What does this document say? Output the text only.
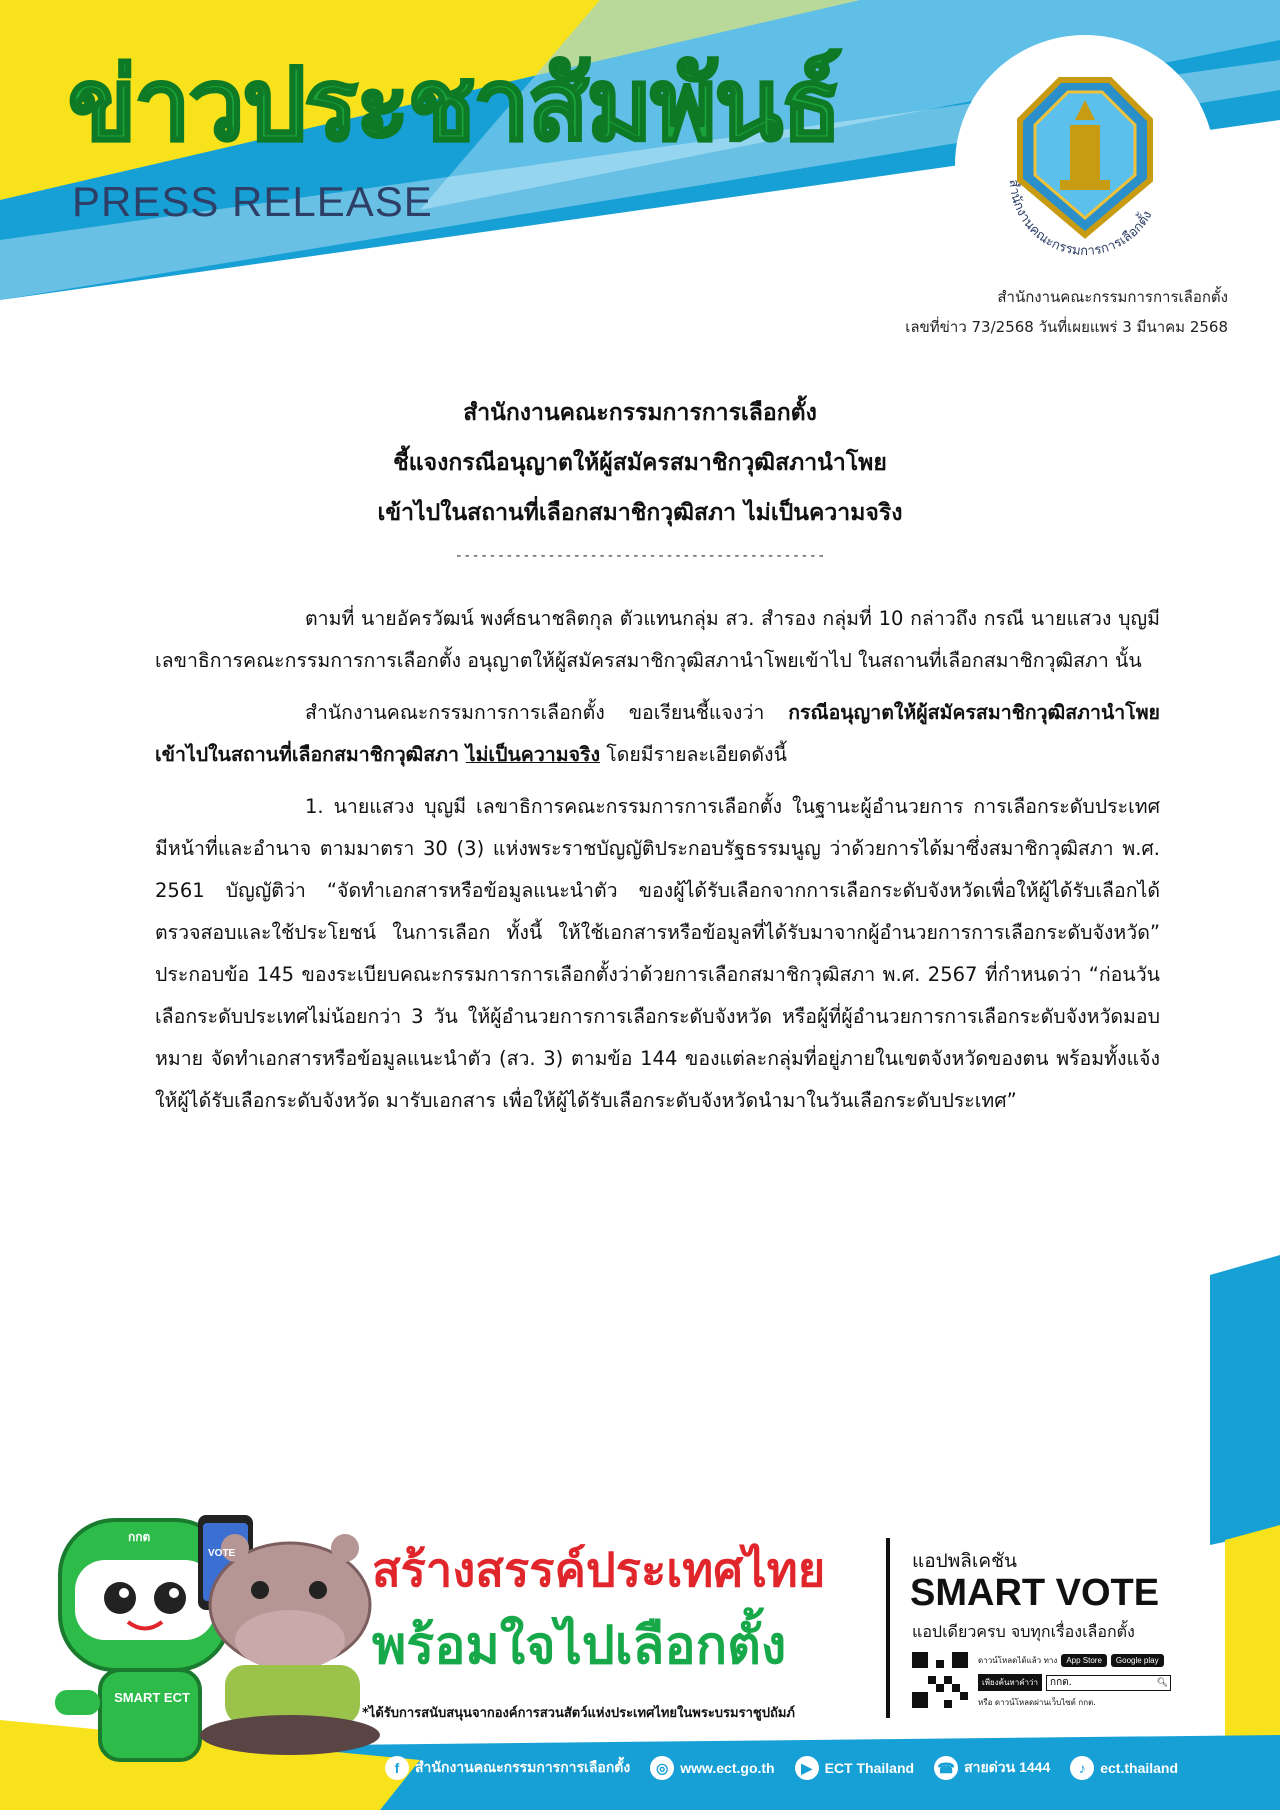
ข่าวประชาสัมพันธ์
PRESS RELEASE	สำนักงานคณะกรรมการการเลือกตั้ง
สำนักงานคณะกรรมการการเลือกตั้ง
เลขที่ข่าว 73/2568 วันที่เผยแพร่ 3 มีนาคม 2568
สำนักงานคณะกรรมการการเลือกตั้ง
ชี้แจงกรณีอนุญาตให้ผู้สมัครสมาชิกวุฒิสภานำโพย
เข้าไปในสถานที่เลือกสมาชิกวุฒิสภา ไม่เป็นความจริง
--------------------------------------------

ตามที่ นายอัครวัฒน์ พงศ์ธนาชลิตกุล ตัวแทนกลุ่ม สว. สำรอง กลุ่มที่ 10 กล่าวถึง กรณี นายแสวง บุญมี เลขาธิการคณะกรรมการการเลือกตั้ง อนุญาตให้ผู้สมัครสมาชิกวุฒิสภานำโพยเข้าไป ในสถานที่เลือกสมาชิกวุฒิสภา นั้น

สำนักงานคณะกรรมการการเลือกตั้ง ขอเรียนชี้แจงว่า กรณีอนุญาตให้ผู้สมัครสมาชิกวุฒิสภานำโพยเข้าไปในสถานที่เลือกสมาชิกวุฒิสภา ไม่เป็นความจริง โดยมีรายละเอียดดังนี้

1. นายแสวง บุญมี เลขาธิการคณะกรรมการการเลือกตั้ง ในฐานะผู้อำนวยการ การเลือกระดับประเทศมีหน้าที่และอำนาจ ตามมาตรา 30 (3) แห่งพระราชบัญญัติประกอบรัฐธรรมนูญ ว่าด้วยการได้มาซึ่งสมาชิกวุฒิสภา พ.ศ. 2561 บัญญัติว่า “จัดทำเอกสารหรือข้อมูลแนะนำตัว ของผู้ได้รับเลือกจากการเลือกระดับจังหวัดเพื่อให้ผู้ได้รับเลือกได้ตรวจสอบและใช้ประโยชน์ ในการเลือก ทั้งนี้ ให้ใช้เอกสารหรือข้อมูลที่ได้รับมาจากผู้อำนวยการการเลือกระดับจังหวัด” ประกอบข้อ 145 ของระเบียบคณะกรรมการการเลือกตั้งว่าด้วยการเลือกสมาชิกวุฒิสภา พ.ศ. 2567 ที่กำหนดว่า “ก่อนวันเลือกระดับประเทศไม่น้อยกว่า 3 วัน ให้ผู้อำนวยการการเลือกระดับจังหวัด หรือผู้ที่ผู้อำนวยการการเลือกระดับจังหวัดมอบหมาย จัดทำเอกสารหรือข้อมูลแนะนำตัว (สว. 3) ตามข้อ 144 ของแต่ละกลุ่มที่อยู่ภายในเขตจังหวัดของตน พร้อมทั้งแจ้งให้ผู้ได้รับเลือกระดับจังหวัด มารับเอกสาร เพื่อให้ผู้ได้รับเลือกระดับจังหวัดนำมาในวันเลือกระดับประเทศ”

กกต
SMART ECT
VOTE	สร้างสรรค์ประเทศไทย
พร้อมใจไปเลือกตั้ง
*ได้รับการสนับสนุนจากองค์การสวนสัตว์แห่งประเทศไทยในพระบรมราชูปถัมภ์
แอปพลิเคชัน
SMART VOTE
แอปเดียวครบ จบทุกเรื่องเลือกตั้ง
ดาวน์โหลดได้แล้ว ทาง	App Store	Google play
เพียงค้นหาคำว่า	กกต.	🔍︎
หรือ ดาวน์โหลดผ่านเว็บไซต์ กกต.
f	สำนักงานคณะกรรมการการเลือกตั้ง	◎ www.ect.go.th	▶ ECT Thailand ☎ สายด่วน 1444	♪	ect.thailand
